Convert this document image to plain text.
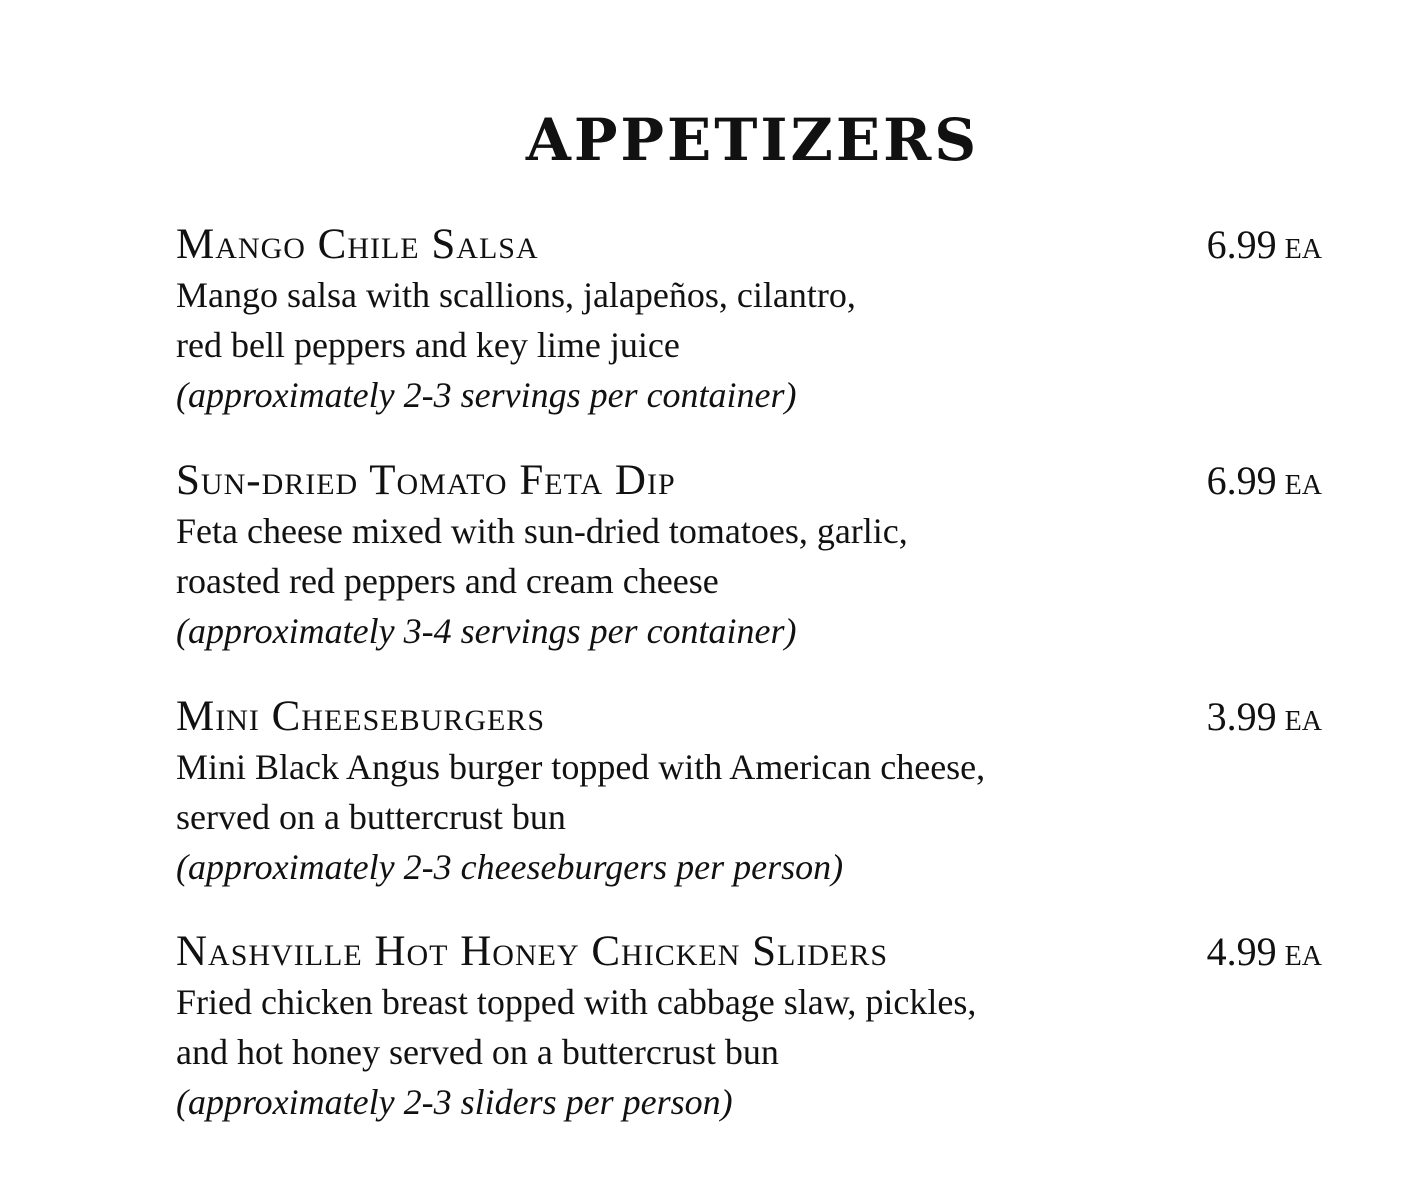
APPETIZERS
Mango Chile Salsa	6.99 ea
Mango salsa with scallions, jalapeños, cilantro,
red bell peppers and key lime juice
(approximately 2-3 servings per container)
Sun-dried Tomato Feta Dip	6.99 ea
Feta cheese mixed with sun-dried tomatoes, garlic,
roasted red peppers and cream cheese
(approximately 3-4 servings per container)
Mini Cheeseburgers	3.99 ea
Mini Black Angus burger topped with American cheese,
served on a buttercrust bun
(approximately 2-3 cheeseburgers per person)
Nashville Hot Honey Chicken Sliders	4.99 ea
Fried chicken breast topped with cabbage slaw, pickles,
and hot honey served on a buttercrust bun
(approximately 2-3 sliders per person)
